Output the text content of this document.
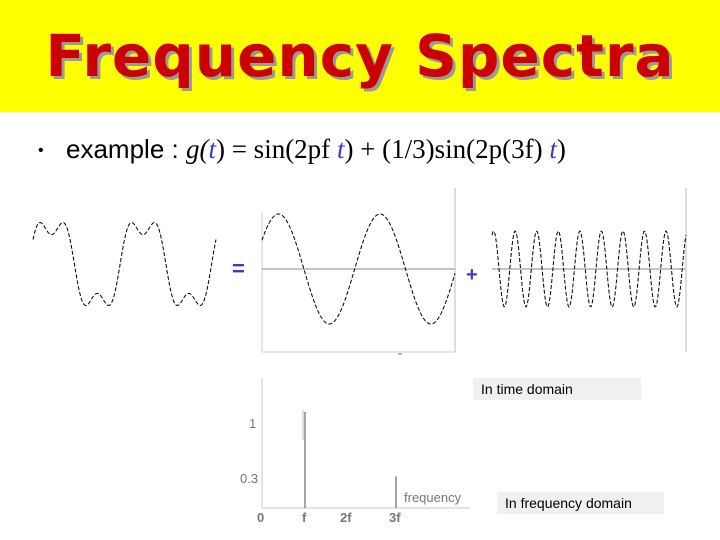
Frequency Spectra
• example : g(t) = sin(2pf t) + (1/3)sin(2p(3f) t)
=	+
In time domain
In frequency domain
1
0.3
0	f	2f	3f
frequency
